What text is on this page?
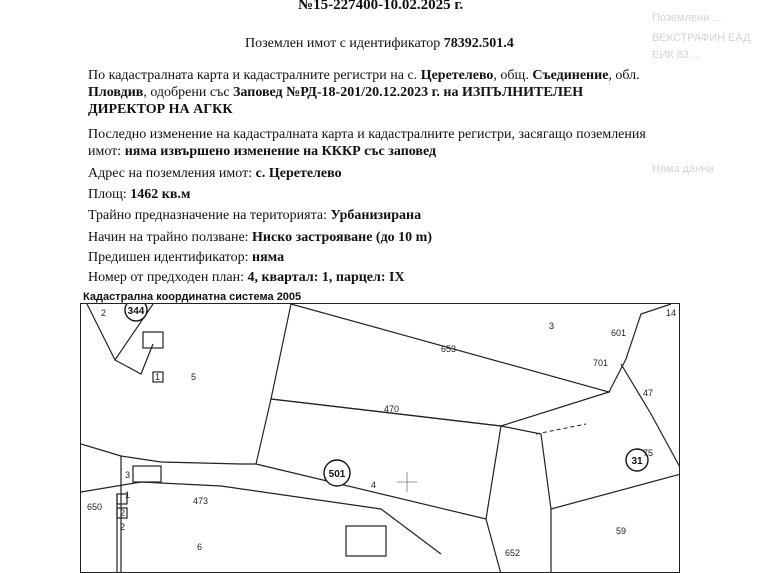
Поземлени ...
ВЕКСТРАФИН ЕАД
ЕИК 83 ...
Няма данни
№15-227400-10.02.2025 г.
Поземлен имот с идентификатор 78392.501.4
По кадастралната карта и кадастралните регистри на с. Церетелево, общ. Съединение, обл.
Пловдив, одобрени със Заповед №РД-18-201/20.12.2023 г. на ИЗПЪЛНИТЕЛЕН
ДИРЕКТОР НА АГКК
Последно изменение на кадастралната карта и кадастралните регистри, засягащо поземления
имот: няма извършено изменение на КККР със заповед
Адрес на поземления имот: с. Церетелево
Площ: 1462 кв.м
Трайно предназначение на територията: Урбанизирана
Начин на трайно ползване: Ниско застрояване (до 10 m)
Предишен идентификатор: няма
Номер от предходен план: 4, квартал: 1, парцел: IX
Кадастрална координатна система 2005
344
501
31
2
3
653
601
5
1
470
701
47
3
4
473
650
1
2
2
6
59
652
14
75
